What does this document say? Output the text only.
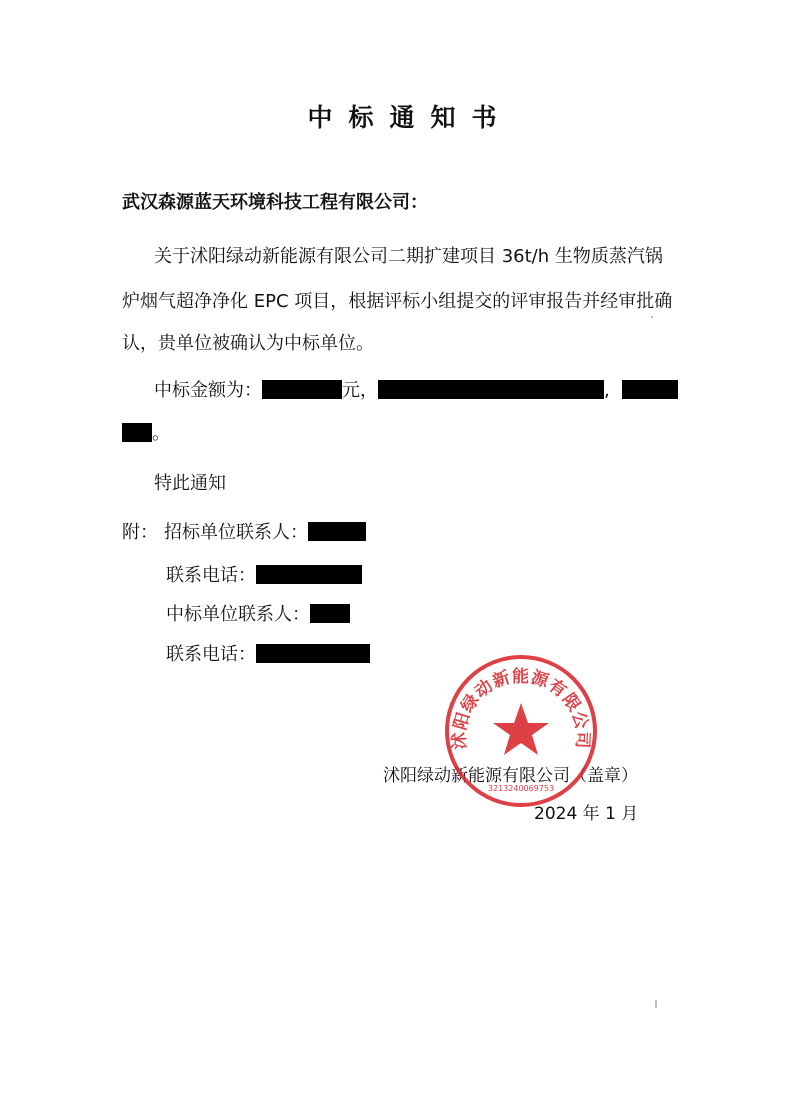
中标通知书
武汉森源蓝天环境科技工程有限公司：
关于沭阳绿动新能源有限公司二期扩建项目 36t/h 生物质蒸汽锅
炉烟气超净净化 EPC 项目，根据评标小组提交的评审报告并经审批确
认，贵单位被确认为中标单位。
中标金额为：	元，	,
。
特此通知
附： 招标单位联系人：
联系电话：
中标单位联系人：
联系电话：
沭阳绿动新能源有限公司（盖章）
2024 年 1 月
沭阳绿动新能源有限公司
3213240069753
